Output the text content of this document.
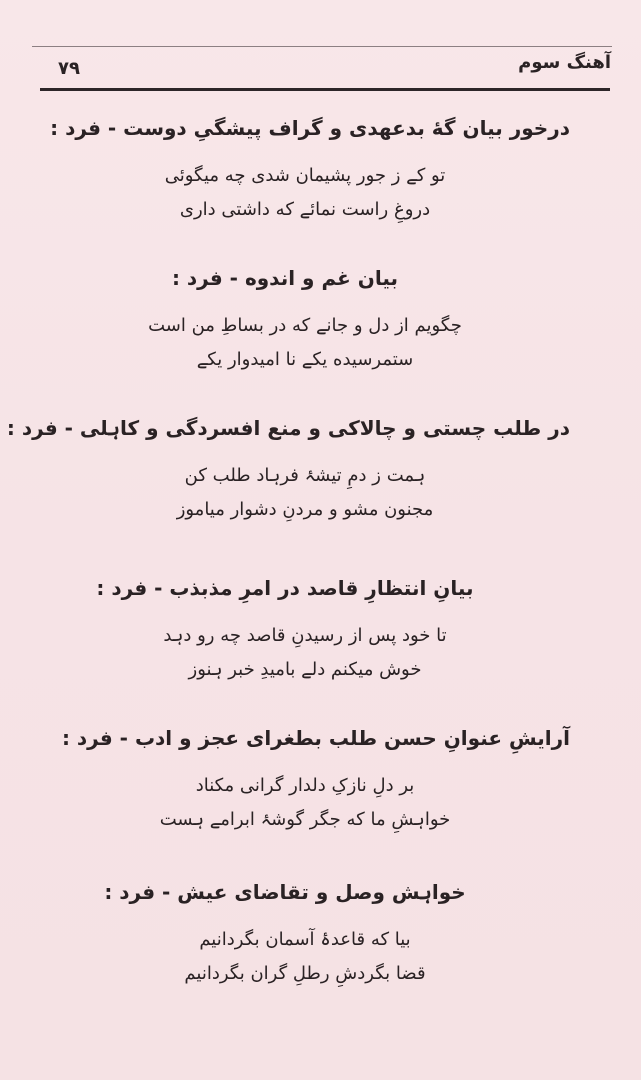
آهنگ سوم
۷۹
درخور بیان گه‌ٔ بدعهدی و گراف پیشگیِ دوست - فرد :
تو کے ز جور پشیمان شدی چه میگوئی
دروغِ راست نمائے که داشتی داری
بیان غم و اندوه - فرد :
چگویم از دل و جانے که در بساطِ من است
ستمرسیده یکے نا امیدوار یکے
در طلب چستی و چالاکی و منع افسردگی و کاہلی - فرد :
ہمت ز دمِ تیشۂ فرہاد طلب کن
مجنون مشو و مردنِ دشوار میاموز
بیانِ انتظارِ قاصد در امرِ مذبذب - فرد :
تا خود پس از رسیدنِ قاصد چه رو دہد
خوش میکنم دلے بامیدِ خبر ہنوز
آرایشِ عنوانِ حسن طلب بطغرای عجز و ادب - فرد :
بر دلِ نازکِ دلدار گرانی مکناد
خواہشِ ما که جگر گوشۂ ابرامے ہست
خواہش وصل و تقاضای عیش - فرد :
بیا که قاعدۂ آسمان بگردانیم
قضا بگردشِ رطلِ گران بگردانیم
